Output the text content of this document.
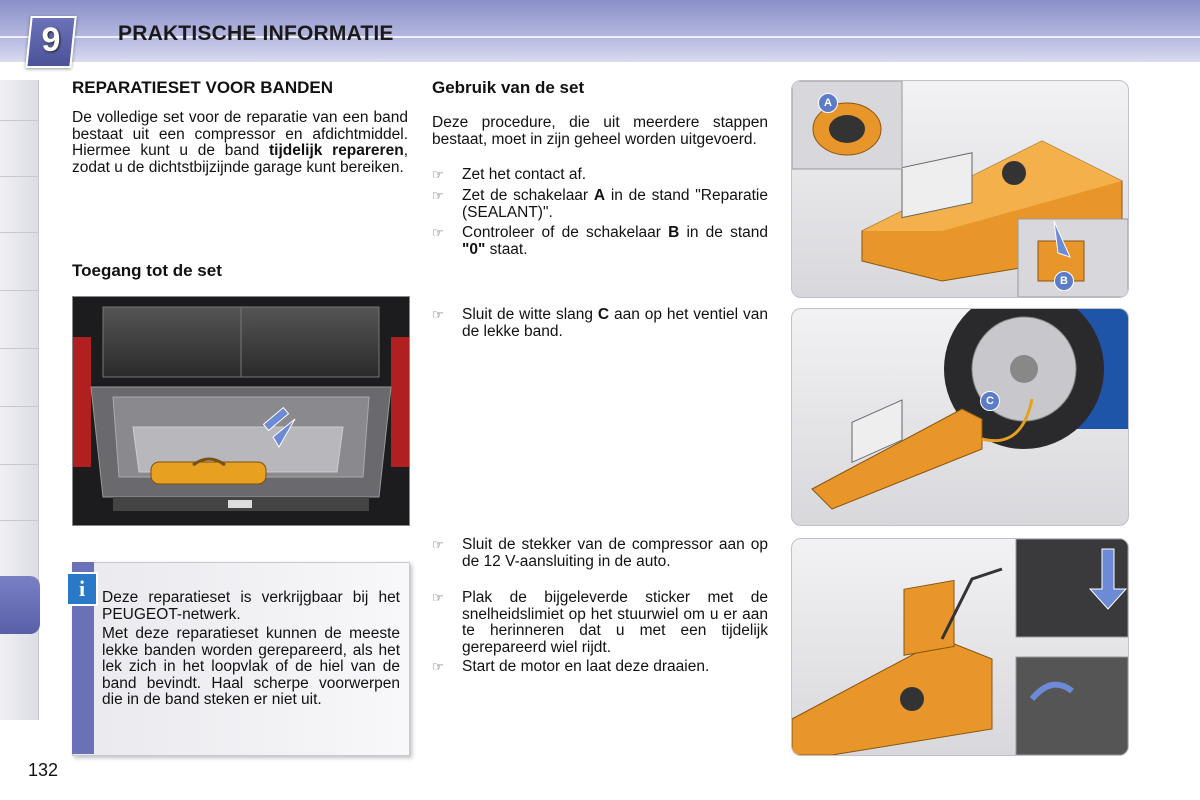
9	PRAKTISCHE INFORMATIE
REPARATIESET VOOR BANDEN
De volledige set voor de reparatie van een band bestaat uit een compressor en afdichtmiddel. Hiermee kunt u de band tijdelijk repareren, zodat u de dichtstbijzijnde garage kunt bereiken.
Toegang tot de set
i	Deze reparatieset is verkrijgbaar bij het PEUGEOT-netwerk.
Met deze reparatieset kunnen de meeste lekke banden worden gerepareerd, als het lek zich in het loopvlak of de hiel van de band bevindt. Haal scherpe voorwerpen die in de band steken er niet uit.
132
Gebruik van de set
Deze procedure, die uit meerdere stappen bestaat, moet in zijn geheel worden uitgevoerd.
☞	Zet het contact af.
☞	Zet de schakelaar A in de stand "Reparatie (SEALANT)".
☞	Controleer of de schakelaar B in de stand "0" staat.
☞	Sluit de witte slang C aan op het ventiel van de lekke band.
☞	Sluit de stekker van de compressor aan op de 12 V-aansluiting in de auto.
☞	Plak de bijgeleverde sticker met de snelheidslimiet op het stuurwiel om u er aan te herinneren dat u met een tijdelijk gerepareerd wiel rijdt.
☞	Start de motor en laat deze draaien.
A
B
C
